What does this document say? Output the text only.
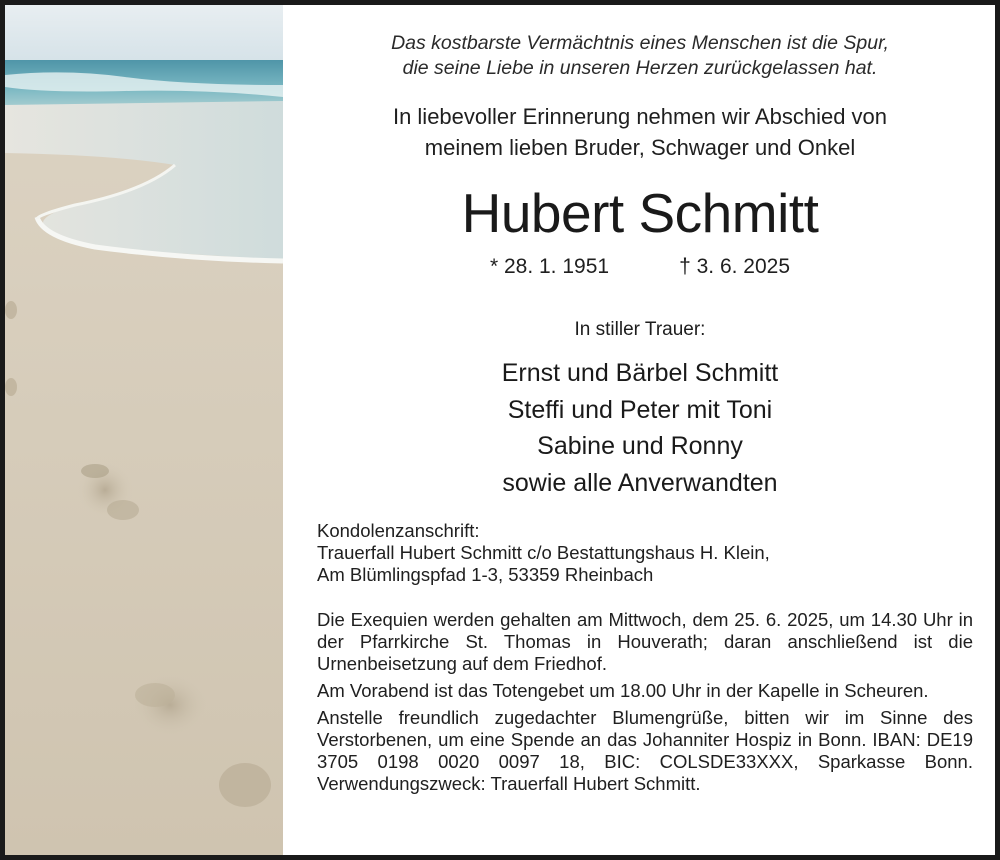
Das kostbarste Vermächtnis eines Menschen ist die Spur,
die seine Liebe in unseren Herzen zurückgelassen hat.
In liebevoller Erinnerung nehmen wir Abschied von
meinem lieben Bruder, Schwager und Onkel
Hubert Schmitt
* 28. 1. 1951	† 3. 6. 2025
In stiller Trauer:
Ernst und Bärbel Schmitt
Steffi und Peter mit Toni
Sabine und Ronny
sowie alle Anverwandten
Kondolenzanschrift:
Trauerfall Hubert Schmitt c/o Bestattungshaus H. Klein,
Am Blümlingspfad 1-3, 53359 Rheinbach

Die Exequien werden gehalten am Mittwoch, dem 25. 6. 2025, um 14.30 Uhr in der Pfarrkirche St. Thomas in Houverath; daran anschließend ist die Urnenbeisetzung auf dem Friedhof.

Am Vorabend ist das Totengebet um 18.00 Uhr in der Kapelle in Scheuren.

Anstelle freundlich zugedachter Blumengrüße, bitten wir im Sinne des Verstorbenen, um eine Spende an das Johanniter Hospiz in Bonn. IBAN: DE19 3705 0198 0020 0097 18, BIC: COLSDE33XXX, Sparkasse Bonn. Verwendungszweck: Trauerfall Hubert Schmitt.
